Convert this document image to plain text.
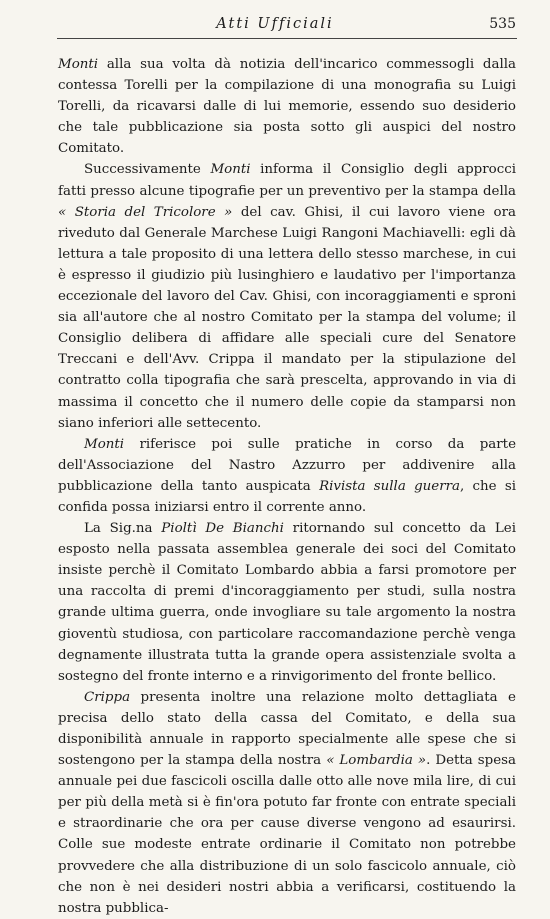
Atti Ufficiali	535

Monti alla sua volta dà notizia dell'incarico commessogli dalla contessa Torelli per la compilazione di una monografia su Luigi Torelli, da ricavarsi dalle di lui memorie, essendo suo desiderio che tale pubblicazione sia posta sotto gli auspici del nostro Comitato.

Successivamente Monti informa il Consiglio degli approcci fatti presso alcune tipografie per un preventivo per la stampa della « Storia del Tricolore » del cav. Ghisi, il cui lavoro viene ora riveduto dal Generale Marchese Luigi Rangoni Machiavelli: egli dà lettura a tale proposito di una lettera dello stesso marchese, in cui è espresso il giudizio più lusinghiero e laudativo per l'importanza eccezionale del lavoro del Cav. Ghisi, con incoraggiamenti e sproni sia all'autore che al nostro Comitato per la stampa del volume; il Consiglio delibera di affidare alle speciali cure del Senatore Treccani e dell'Avv. Crippa il mandato per la stipulazione del contratto colla tipografia che sarà prescelta, approvando in via di massima il concetto che il numero delle copie da stamparsi non siano inferiori alle settecento.

Monti riferisce poi sulle pratiche in corso da parte dell'Associazione del Nastro Azzurro per addivenire alla pubblicazione della tanto auspicata Rivista sulla guerra, che si confida possa iniziarsi entro il corrente anno.

La Sig.na Pioltì De Bianchi ritornando sul concetto da Lei esposto nella passata assemblea generale dei soci del Comitato insiste perchè il Comitato Lombardo abbia a farsi promotore per una raccolta di premi d'incoraggiamento per studi, sulla nostra grande ultima guerra, onde invogliare su tale argomento la nostra gioventù studiosa, con particolare raccomandazione perchè venga degnamente illustrata tutta la grande opera assistenziale svolta a sostegno del fronte interno e a rinvigorimento del fronte bellico.

Crippa presenta inoltre una relazione molto dettagliata e precisa dello stato della cassa del Comitato, e della sua disponibilità annuale in rapporto specialmente alle spese che si sostengono per la stampa della nostra « Lombardia ». Detta spesa annuale pei due fascicoli oscilla dalle otto alle nove mila lire, di cui per più della metà si è fin'ora potuto far fronte con entrate speciali e straordinarie che ora per cause diverse vengono ad esaurirsi. Colle sue modeste entrate ordinarie il Comitato non potrebbe provvedere che alla distribuzione di un solo fascicolo annuale, ciò che non è nei desideri nostri abbia a verificarsi, costituendo la nostra pubblica-
